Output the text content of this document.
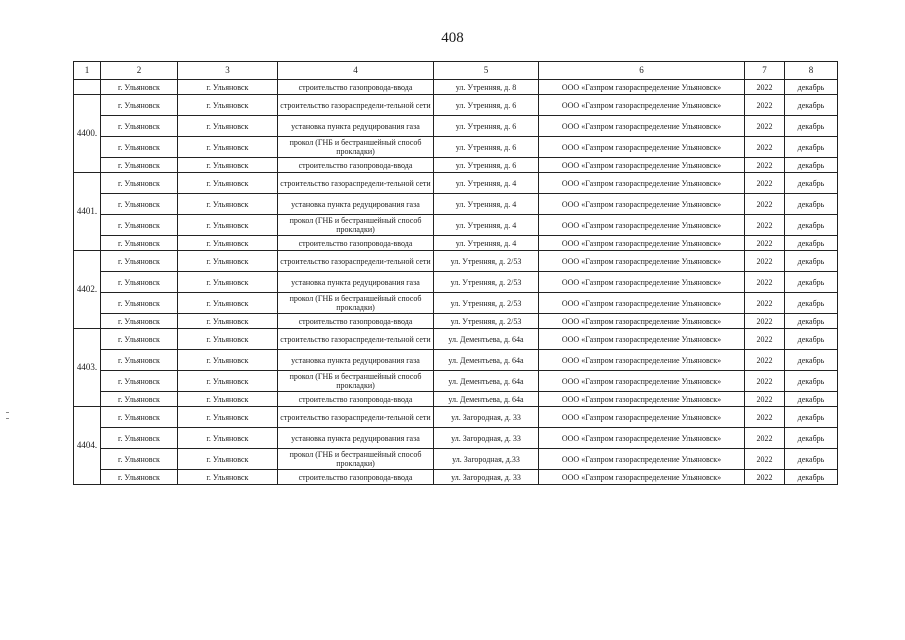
408
1	2	3	4	5	6	7	8
	г. Ульяновск	г. Ульяновск	строительство газопровода-ввода	ул. Утренняя, д. 8	ООО «Газпром газораспределение Ульяновск»	2022	декабрь
4400.	г. Ульяновск	г. Ульяновск	строительство газораспредели-тельной сети	ул. Утренняя, д. 6	ООО «Газпром газораспределение Ульяновск»	2022	декабрь
	г. Ульяновск	г. Ульяновск	установка пункта редуцирования газа	ул. Утренняя, д. 6	ООО «Газпром газораспределение Ульяновск»	2022	декабрь
	г. Ульяновск	г. Ульяновск	прокол (ГНБ и бестраншейный способ прокладки)	ул. Утренняя, д. 6	ООО «Газпром газораспределение Ульяновск»	2022	декабрь
	г. Ульяновск	г. Ульяновск	строительство газопровода-ввода	ул. Утренняя, д. 6	ООО «Газпром газораспределение Ульяновск»	2022	декабрь
4401.	г. Ульяновск	г. Ульяновск	строительство газораспредели-тельной сети	ул. Утренняя, д. 4	ООО «Газпром газораспределение Ульяновск»	2022	декабрь
	г. Ульяновск	г. Ульяновск	установка пункта редуцирования газа	ул. Утренняя, д. 4	ООО «Газпром газораспределение Ульяновск»	2022	декабрь
	г. Ульяновск	г. Ульяновск	прокол (ГНБ и бестраншейный способ прокладки)	ул. Утренняя, д. 4	ООО «Газпром газораспределение Ульяновск»	2022	декабрь
	г. Ульяновск	г. Ульяновск	строительство газопровода-ввода	ул. Утренняя, д. 4	ООО «Газпром газораспределение Ульяновск»	2022	декабрь
4402.	г. Ульяновск	г. Ульяновск	строительство газораспредели-тельной сети	ул. Утренняя, д. 2/53	ООО «Газпром газораспределение Ульяновск»	2022	декабрь
	г. Ульяновск	г. Ульяновск	установка пункта редуцирования газа	ул. Утренняя, д. 2/53	ООО «Газпром газораспределение Ульяновск»	2022	декабрь
	г. Ульяновск	г. Ульяновск	прокол (ГНБ и бестраншейный способ прокладки)	ул. Утренняя, д. 2/53	ООО «Газпром газораспределение Ульяновск»	2022	декабрь
	г. Ульяновск	г. Ульяновск	строительство газопровода-ввода	ул. Утренняя, д. 2/53	ООО «Газпром газораспределение Ульяновск»	2022	декабрь
4403.	г. Ульяновск	г. Ульяновск	строительство газораспредели-тельной сети	ул. Дементьева, д. 64а	ООО «Газпром газораспределение Ульяновск»	2022	декабрь
	г. Ульяновск	г. Ульяновск	установка пункта редуцирования газа	ул. Дементьева, д. 64а	ООО «Газпром газораспределение Ульяновск»	2022	декабрь
	г. Ульяновск	г. Ульяновск	прокол (ГНБ и бестраншейный способ прокладки)	ул. Дементьева, д. 64а	ООО «Газпром газораспределение Ульяновск»	2022	декабрь
	г. Ульяновск	г. Ульяновск	строительство газопровода-ввода	ул. Дементьева, д. 64а	ООО «Газпром газораспределение Ульяновск»	2022	декабрь
4404.	г. Ульяновск	г. Ульяновск	строительство газораспредели-тельной сети	ул. Загородная, д. 33	ООО «Газпром газораспределение Ульяновск»	2022	декабрь
	г. Ульяновск	г. Ульяновск	установка пункта редуцирования газа	ул. Загородная, д. 33	ООО «Газпром газораспределение Ульяновск»	2022	декабрь
	г. Ульяновск	г. Ульяновск	прокол (ГНБ и бестраншейный способ прокладки)	ул. Загородная, д.33	ООО «Газпром газораспределение Ульяновск»	2022	декабрь
	г. Ульяновск	г. Ульяновск	строительство газопровода-ввода	ул. Загородная, д. 33	ООО «Газпром газораспределение Ульяновск»	2022	декабрь
